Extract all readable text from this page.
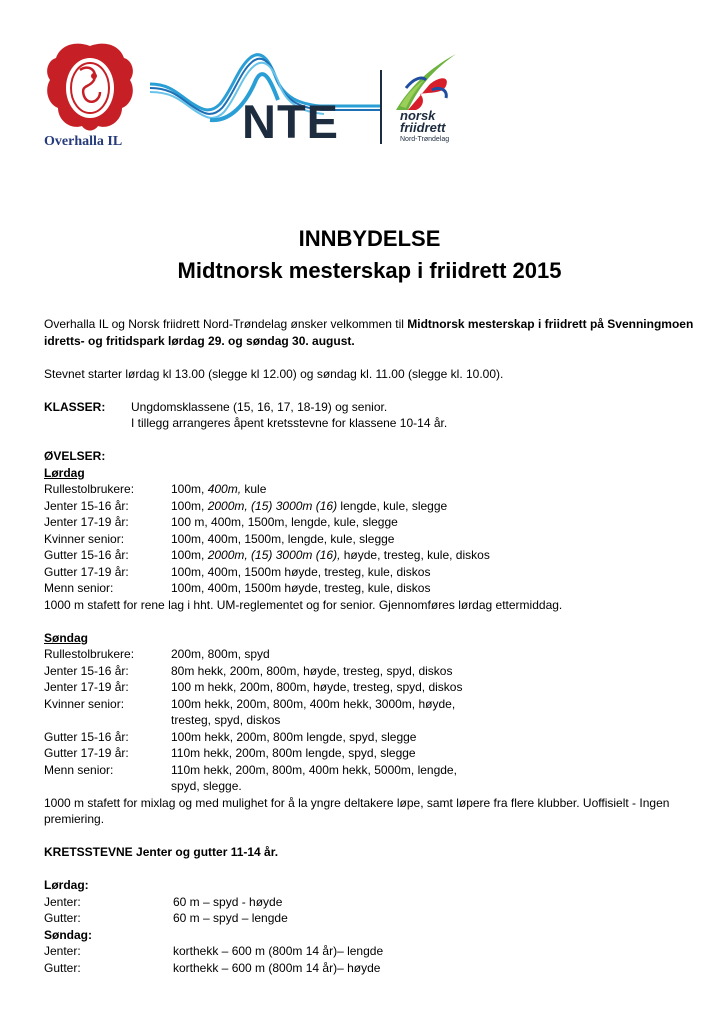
Overhalla IL	NTE	norsk
friidrett
Nord-Trøndelag
INNBYDELSE
Midtnorsk mesterskap i friidrett 2015
Overhalla IL og Norsk friidrett Nord-Trøndelag ønsker velkommen til Midtnorsk mesterskap i friidrett på Svenningmoen idretts- og fritidspark lørdag 29. og søndag 30. august.
Stevnet starter lørdag kl 13.00 (slegge kl 12.00) og søndag kl. 11.00 (slegge kl. 10.00).
KLASSER: Ungdomsklassene (15, 16, 17, 18-19) og senior.
I tillegg arrangeres åpent kretsstevne for klassene 10-14 år.
ØVELSER:
Lørdag
Rullestolbrukere:	100m, 400m, kule
Jenter 15-16 år:	100m, 2000m, (15) 3000m (16) lengde, kule, slegge
Jenter 17-19 år:	100 m, 400m, 1500m, lengde, kule, slegge
Kvinner senior:	100m, 400m, 1500m, lengde, kule, slegge
Gutter 15-16 år:	100m, 2000m, (15) 3000m (16), høyde, tresteg, kule, diskos
Gutter 17-19 år:	100m, 400m, 1500m høyde, tresteg, kule, diskos
Menn senior:	100m, 400m, 1500m høyde, tresteg, kule, diskos
1000 m stafett for rene lag i hht. UM-reglementet og for senior. Gjennomføres lørdag ettermiddag.
Søndag
Rullestolbrukere:	200m, 800m, spyd
Jenter 15-16 år:	80m hekk, 200m, 800m, høyde, tresteg, spyd, diskos
Jenter 17-19 år:	100 m hekk, 200m, 800m, høyde, tresteg, spyd, diskos
Kvinner senior:	100m hekk, 200m, 800m, 400m hekk, 3000m, høyde,
tresteg, spyd, diskos
Gutter 15-16 år:	100m hekk, 200m, 800m lengde, spyd, slegge
Gutter 17-19 år:	110m hekk, 200m, 800m lengde, spyd, slegge
Menn senior:	110m hekk, 200m, 800m, 400m hekk, 5000m, lengde,
spyd, slegge.
1000 m stafett for mixlag og med mulighet for å la yngre deltakere løpe, samt løpere fra flere klubber. Uoffisielt - Ingen premiering.
KRETSSTEVNE Jenter og gutter 11-14 år.
Lørdag:
Jenter:	60 m – spyd - høyde
Gutter:	60 m – spyd – lengde
Søndag:
Jenter:	korthekk – 600 m (800m 14 år)– lengde
Gutter:	korthekk – 600 m (800m 14 år)– høyde
